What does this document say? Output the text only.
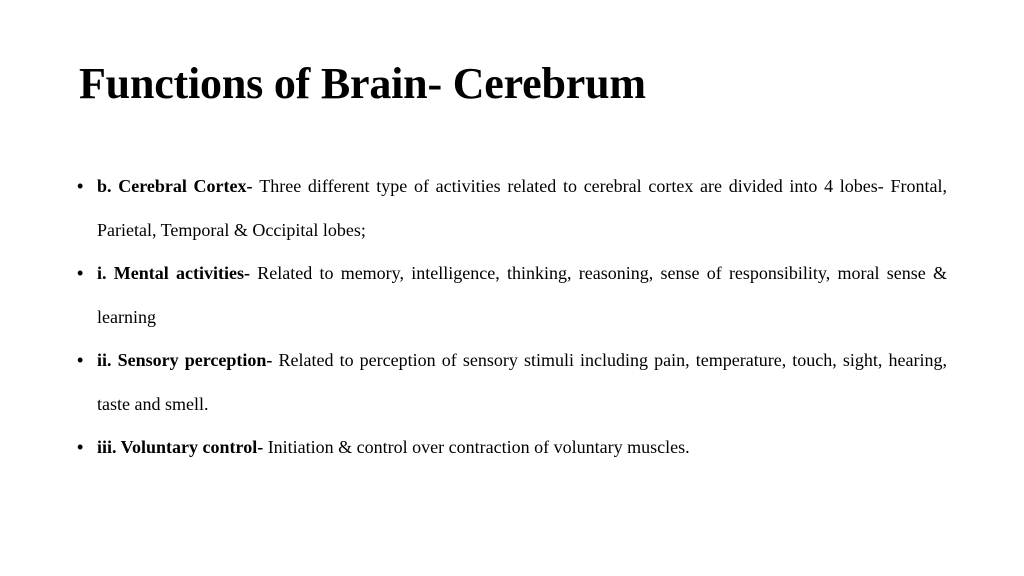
Functions of Brain- Cerebrum
• b. Cerebral Cortex- Three different type of activities related to cerebral cortex are divided into 4 lobes- Frontal, Parietal, Temporal & Occipital lobes;
• i. Mental activities- Related to memory, intelligence, thinking, reasoning, sense of responsibility, moral sense & learning
• ii. Sensory perception- Related to perception of sensory stimuli including pain, temperature, touch, sight, hearing, taste and smell.
• iii. Voluntary control- Initiation & control over contraction of voluntary muscles.
